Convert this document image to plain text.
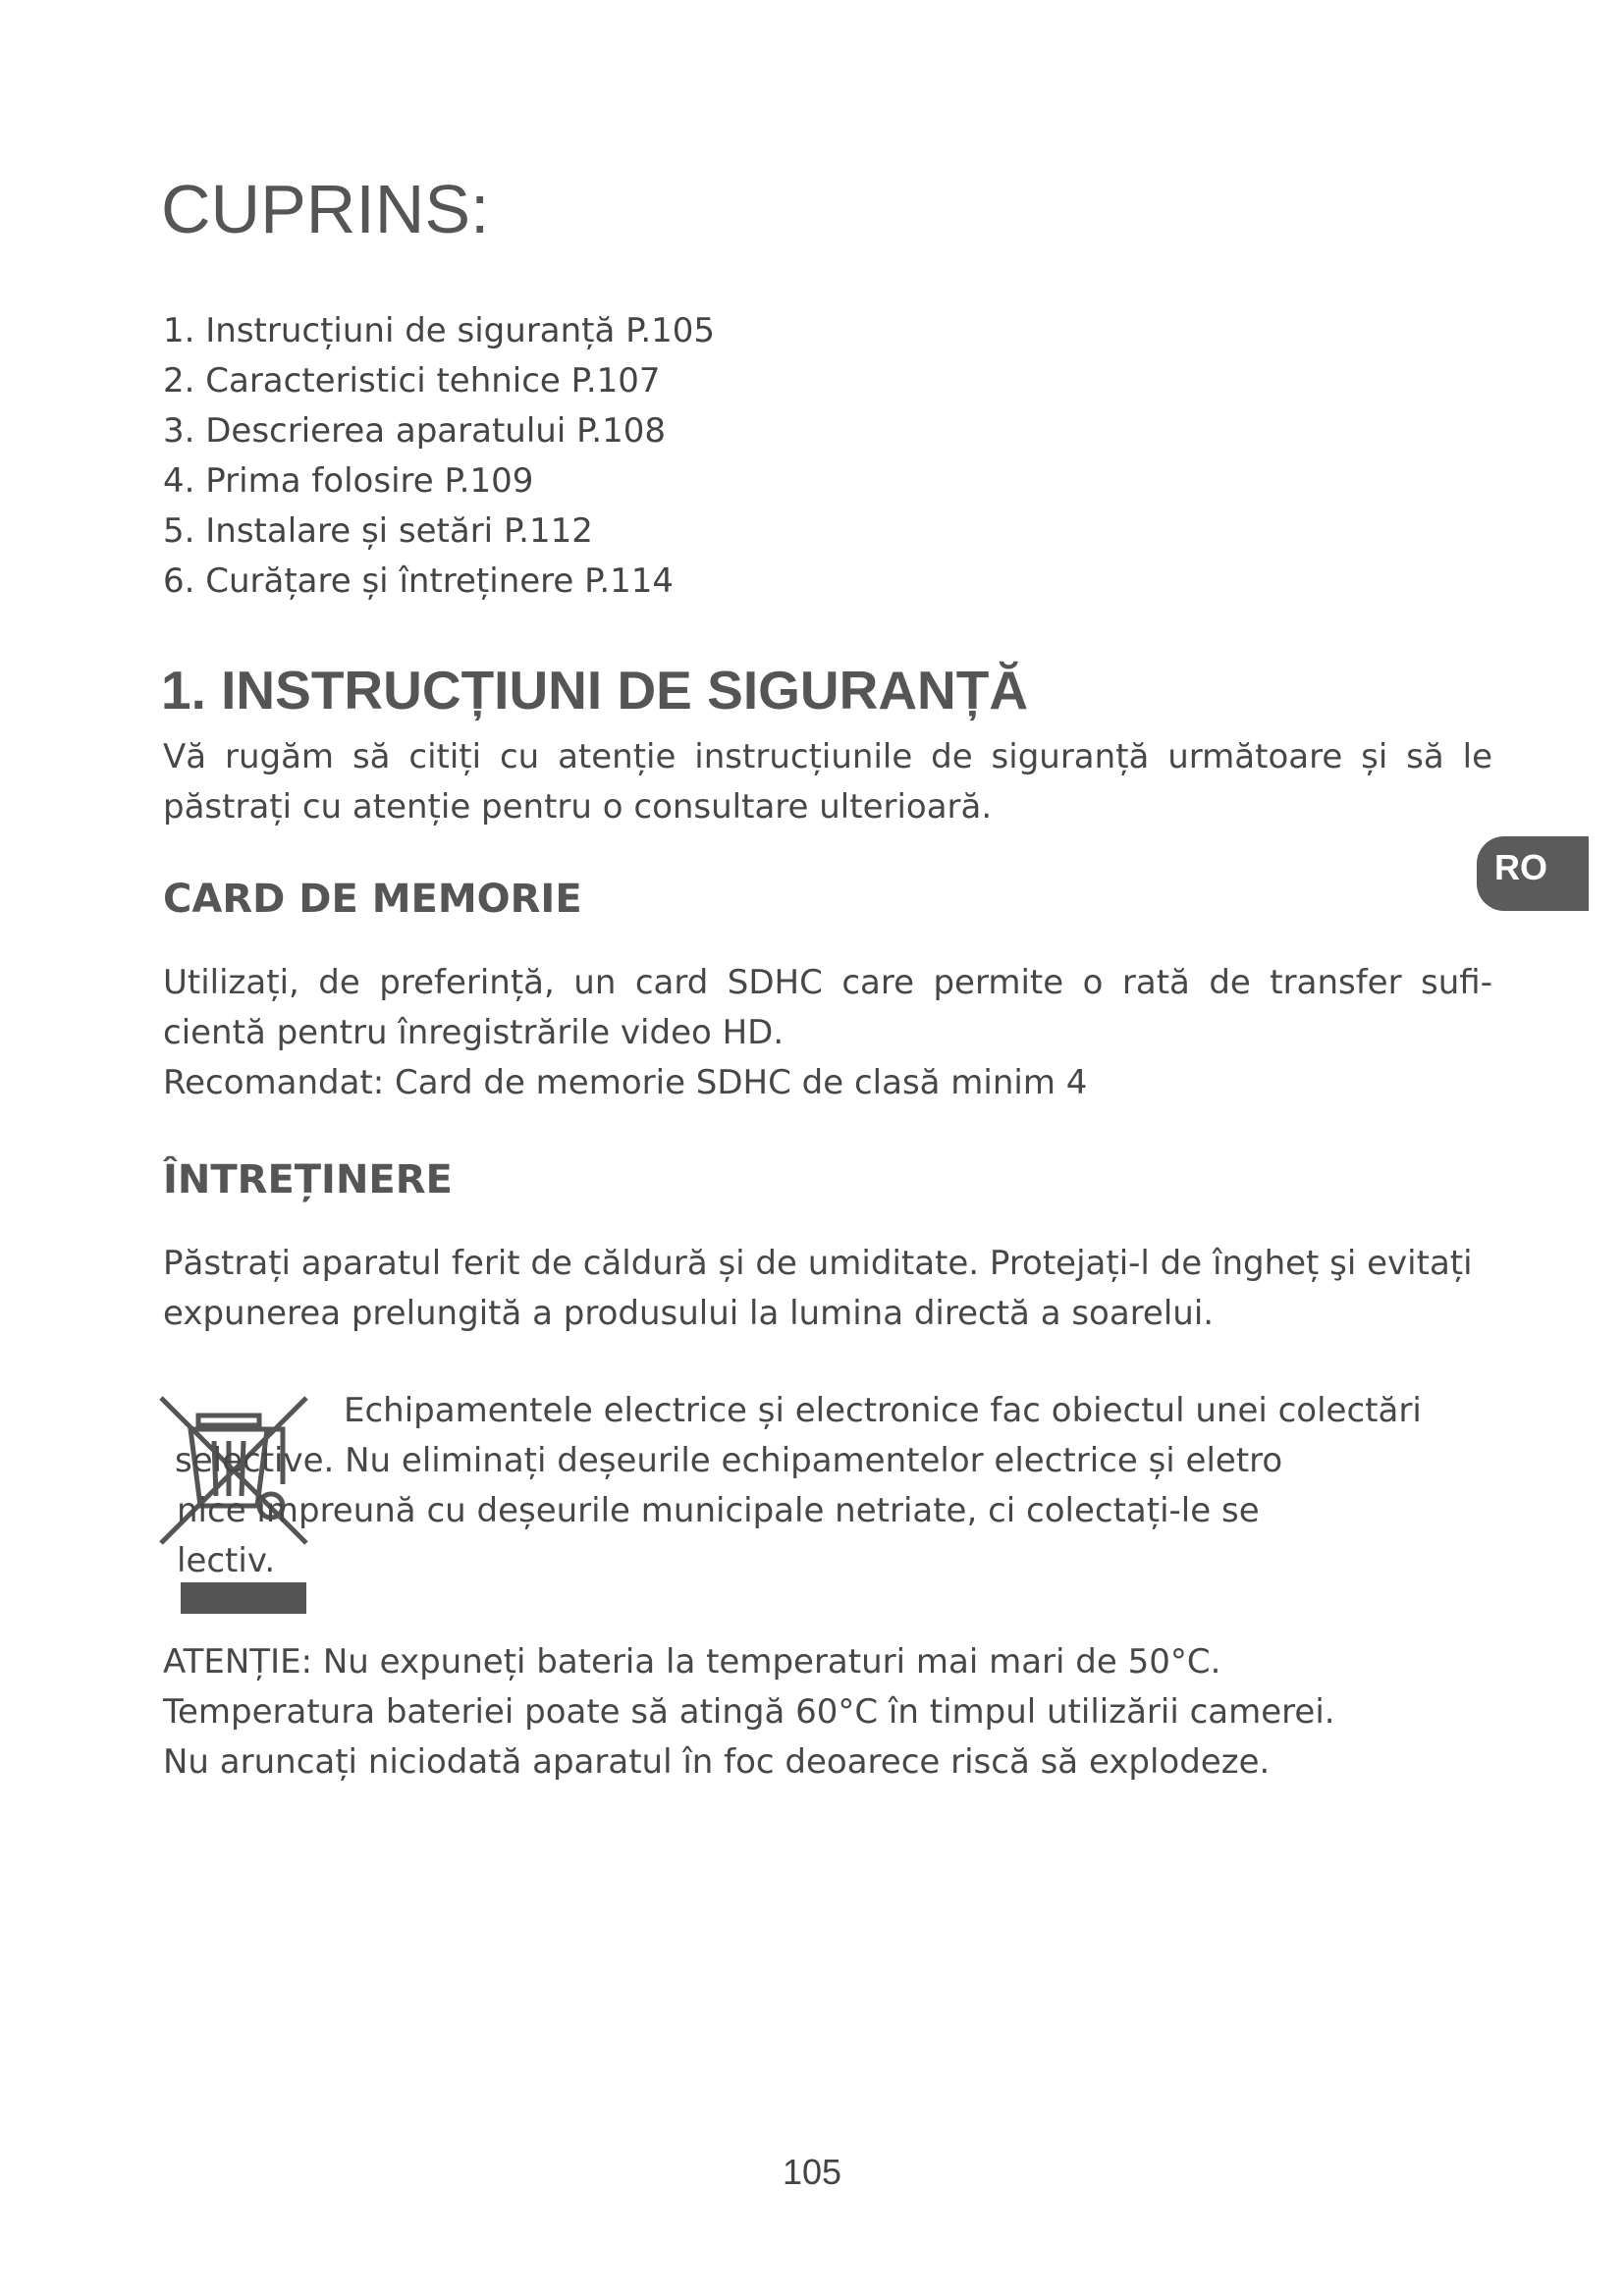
CUPRINS:
1. Instrucțiuni de siguranță P.105
2. Caracteristici tehnice P.107
3. Descrierea aparatului P.108
4. Prima folosire P.109
5. Instalare și setări P.112
6. Curățare și întreținere P.114
1. INSTRUCȚIUNI DE SIGURANȚĂ
Vă rugăm să citiți cu atenție instrucțiunile de siguranță următoare și să le
păstrați cu atenție pentru o consultare ulterioară.
RO
CARD DE MEMORIE
Utilizați, de preferință, un card SDHC care permite o rată de transfer sufi-
cientă pentru înregistrările video HD.
Recomandat: Card de memorie SDHC de clasă minim 4
ÎNTREȚINERE
Păstrați aparatul ferit de căldură și de umiditate. Protejați-l de îngheț şi evitați
expunerea prelungită a produsului la lumina directă a soarelui.
Echipamentele electrice și electronice fac obiectul unei colectări
selective. Nu eliminați deșeurile echipamentelor electrice și eletro
nice împreună cu deșeurile municipale netriate, ci colectați-le se
lectiv.
ATENȚIE: Nu expuneți bateria la temperaturi mai mari de 50°C.
Temperatura bateriei poate să atingă 60°C în timpul utilizării camerei.
Nu aruncați niciodată aparatul în foc deoarece riscă să explodeze.

105
